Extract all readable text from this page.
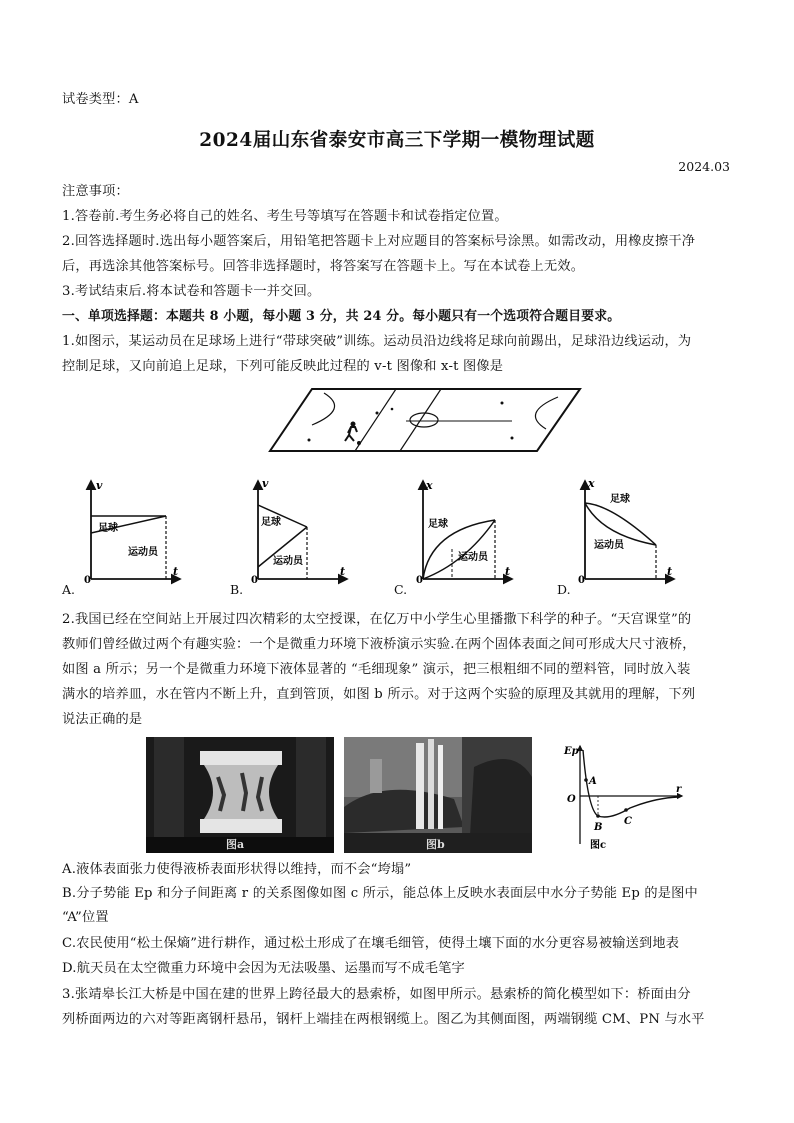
试卷类型：A
2024届山东省泰安市高三下学期一模物理试题
2024.03
注意事项：
1.答卷前.考生务必将自己的姓名、考生号等填写在答题卡和试卷指定位置。
2.回答选择题时.选出每小题答案后，用铅笔把答题卡上对应题目的答案标号涂黑。如需改动，用橡皮擦干净
后，再选涂其他答案标号。回答非选择题时，将答案写在答题卡上。写在本试卷上无效。
3.考试结束后.将本试卷和答题卡一并交回。
一、单项选择题：本题共 8 小题，每小题 3 分，共 24 分。每小题只有一个选项符合题目要求。
1.如图示，某运动员在足球场上进行“带球突破”训练。运动员沿边线将足球向前踢出，足球沿边线运动，为
控制足球，又向前追上足球，下列可能反映此过程的 v-t 图像和 x-t 图像是
A.
v
t
0
足球
运动员
B.
v
t
0
足球
运动员
C.
x
t
0
足球
运动员
D.
x
t
0
足球
运动员
2.我国已经在空间站上开展过四次精彩的太空授课，在亿万中小学生心里播撒下科学的种子。“天宫课堂”的
教师们曾经做过两个有趣实验：一个是微重力环境下液桥演示实验.在两个固体表面之间可形成大尺寸液桥，
如图 a 所示；另一个是微重力环境下液体显著的 “毛细现象” 演示，把三根粗细不同的塑料管，同时放入装
满水的培养皿，水在管内不断上升，直到管顶，如图 b 所示。对于这两个实验的原理及其就用的理解，下列
说法正确的是
图a	图b
Ep
r
O
A
B
C
图c
A.液体表面张力使得液桥表面形状得以维持，而不会“垮塌”
B.分子势能 Ep 和分子间距离 r 的关系图像如图 c 所示，能总体上反映水表面层中水分子势能 Ep 的是图中
“A”位置
C.农民使用“松土保熵”进行耕作，通过松土形成了在壤毛细管，使得土壤下面的水分更容易被输送到地表
D.航天员在太空微重力环境中会因为无法吸墨、运墨而写不成毛笔字
3.张靖皋长江大桥是中国在建的世界上跨径最大的悬索桥，如图甲所示。悬索桥的简化模型如下：桥面由分
列桥面两边的六对等距离钢杆悬吊，钢杆上端挂在两根钢缆上。图乙为其侧面图，两端钢缆 CM、PN 与水平
